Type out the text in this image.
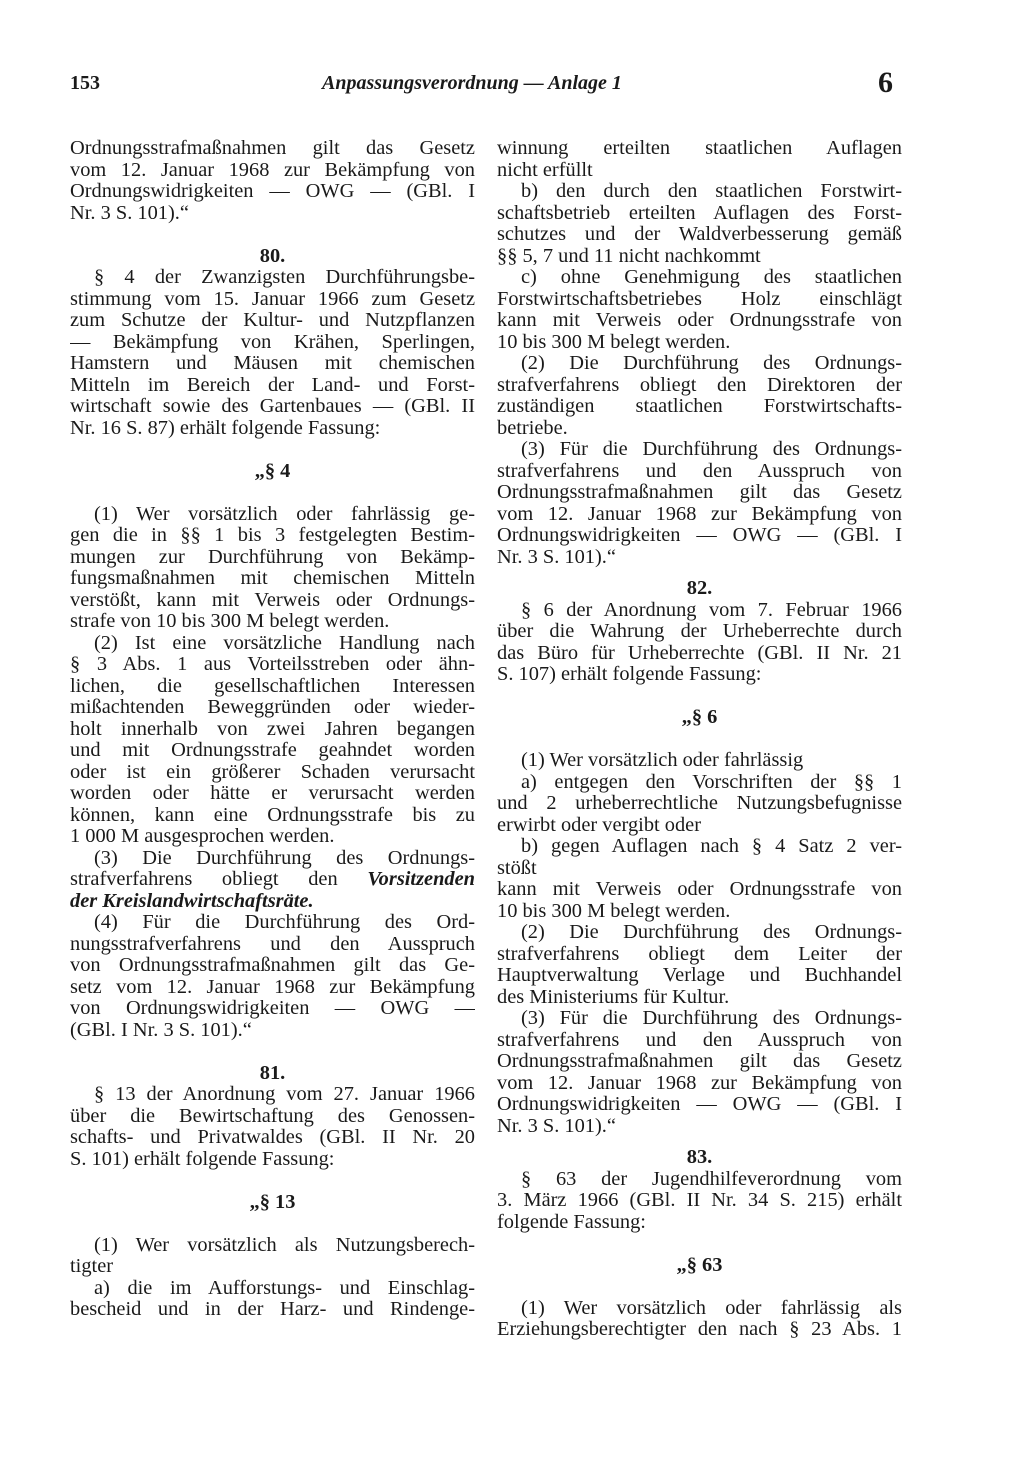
153	Anpassungsverordnung — Anlage 1	6
Ordnungsstrafmaßnahmen gilt das Gesetz
vom 12. Januar 1968 zur Bekämpfung von
Ordnungswidrigkeiten — OWG — (GBl. I
Nr. 3 S. 101).“
80.
§ 4 der Zwanzigsten Durchführungsbe-
stimmung vom 15. Januar 1966 zum Gesetz
zum Schutze der Kultur- und Nutzpflanzen
— Bekämpfung von Krähen, Sperlingen,
Hamstern und Mäusen mit chemischen
Mitteln im Bereich der Land- und Forst-
wirtschaft sowie des Gartenbaues — (GBl. II
Nr. 16 S. 87) erhält folgende Fassung:
„§ 4
(1) Wer vorsätzlich oder fahrlässig ge-
gen die in §§ 1 bis 3 festgelegten Bestim-
mungen zur Durchführung von Bekämp-
fungsmaßnahmen mit chemischen Mitteln
verstößt, kann mit Verweis oder Ordnungs-
strafe von 10 bis 300 M belegt werden.
(2) Ist eine vorsätzliche Handlung nach
§ 3 Abs. 1 aus Vorteilsstreben oder ähn-
lichen, die gesellschaftlichen Interessen
mißachtenden Beweggründen oder wieder-
holt innerhalb von zwei Jahren begangen
und mit Ordnungsstrafe geahndet worden
oder ist ein größerer Schaden verursacht
worden oder hätte er verursacht werden
können, kann eine Ordnungsstrafe bis zu
1 000 M ausgesprochen werden.
(3) Die Durchführung des Ordnungs-
strafverfahrens obliegt den Vorsitzenden
der Kreislandwirtschaftsräte.
(4) Für die Durchführung des Ord-
nungsstrafverfahrens und den Ausspruch
von Ordnungsstrafmaßnahmen gilt das Ge-
setz vom 12. Januar 1968 zur Bekämpfung
von Ordnungswidrigkeiten — OWG —
(GBl. I Nr. 3 S. 101).“
81.
§ 13 der Anordnung vom 27. Januar 1966
über die Bewirtschaftung des Genossen-
schafts- und Privatwaldes (GBl. II Nr. 20
S. 101) erhält folgende Fassung:
„§ 13
(1) Wer vorsätzlich als Nutzungsberech-
tigter
a) die im Aufforstungs- und Einschlag-
bescheid und in der Harz- und Rindenge-
winnung erteilten staatlichen Auflagen
nicht erfüllt
b) den durch den staatlichen Forstwirt-
schaftsbetrieb erteilten Auflagen des Forst-
schutzes und der Waldverbesserung gemäß
§§ 5, 7 und 11 nicht nachkommt
c) ohne Genehmigung des staatlichen
Forstwirtschaftsbetriebes Holz einschlägt
kann mit Verweis oder Ordnungsstrafe von
10 bis 300 M belegt werden.
(2) Die Durchführung des Ordnungs-
strafverfahrens obliegt den Direktoren der
zuständigen staatlichen Forstwirtschafts-
betriebe.
(3) Für die Durchführung des Ordnungs-
strafverfahrens und den Ausspruch von
Ordnungsstrafmaßnahmen gilt das Gesetz
vom 12. Januar 1968 zur Bekämpfung von
Ordnungswidrigkeiten — OWG — (GBl. I
Nr. 3 S. 101).“
82.
§ 6 der Anordnung vom 7. Februar 1966
über die Wahrung der Urheberrechte durch
das Büro für Urheberrechte (GBl. II Nr. 21
S. 107) erhält folgende Fassung:
„§ 6
(1) Wer vorsätzlich oder fahrlässig
a) entgegen den Vorschriften der §§ 1
und 2 urheberrechtliche Nutzungsbefugnisse
erwirbt oder vergibt oder
b) gegen Auflagen nach § 4 Satz 2 ver-
stößt
kann mit Verweis oder Ordnungsstrafe von
10 bis 300 M belegt werden.
(2) Die Durchführung des Ordnungs-
strafverfahrens obliegt dem Leiter der
Hauptverwaltung Verlage und Buchhandel
des Ministeriums für Kultur.
(3) Für die Durchführung des Ordnungs-
strafverfahrens und den Ausspruch von
Ordnungsstrafmaßnahmen gilt das Gesetz
vom 12. Januar 1968 zur Bekämpfung von
Ordnungswidrigkeiten — OWG — (GBl. I
Nr. 3 S. 101).“
83.
§ 63 der Jugendhilfeverordnung vom
3. März 1966 (GBl. II Nr. 34 S. 215) erhält
folgende Fassung:
„§ 63
(1) Wer vorsätzlich oder fahrlässig als
Erziehungsberechtigter den nach § 23 Abs. 1
